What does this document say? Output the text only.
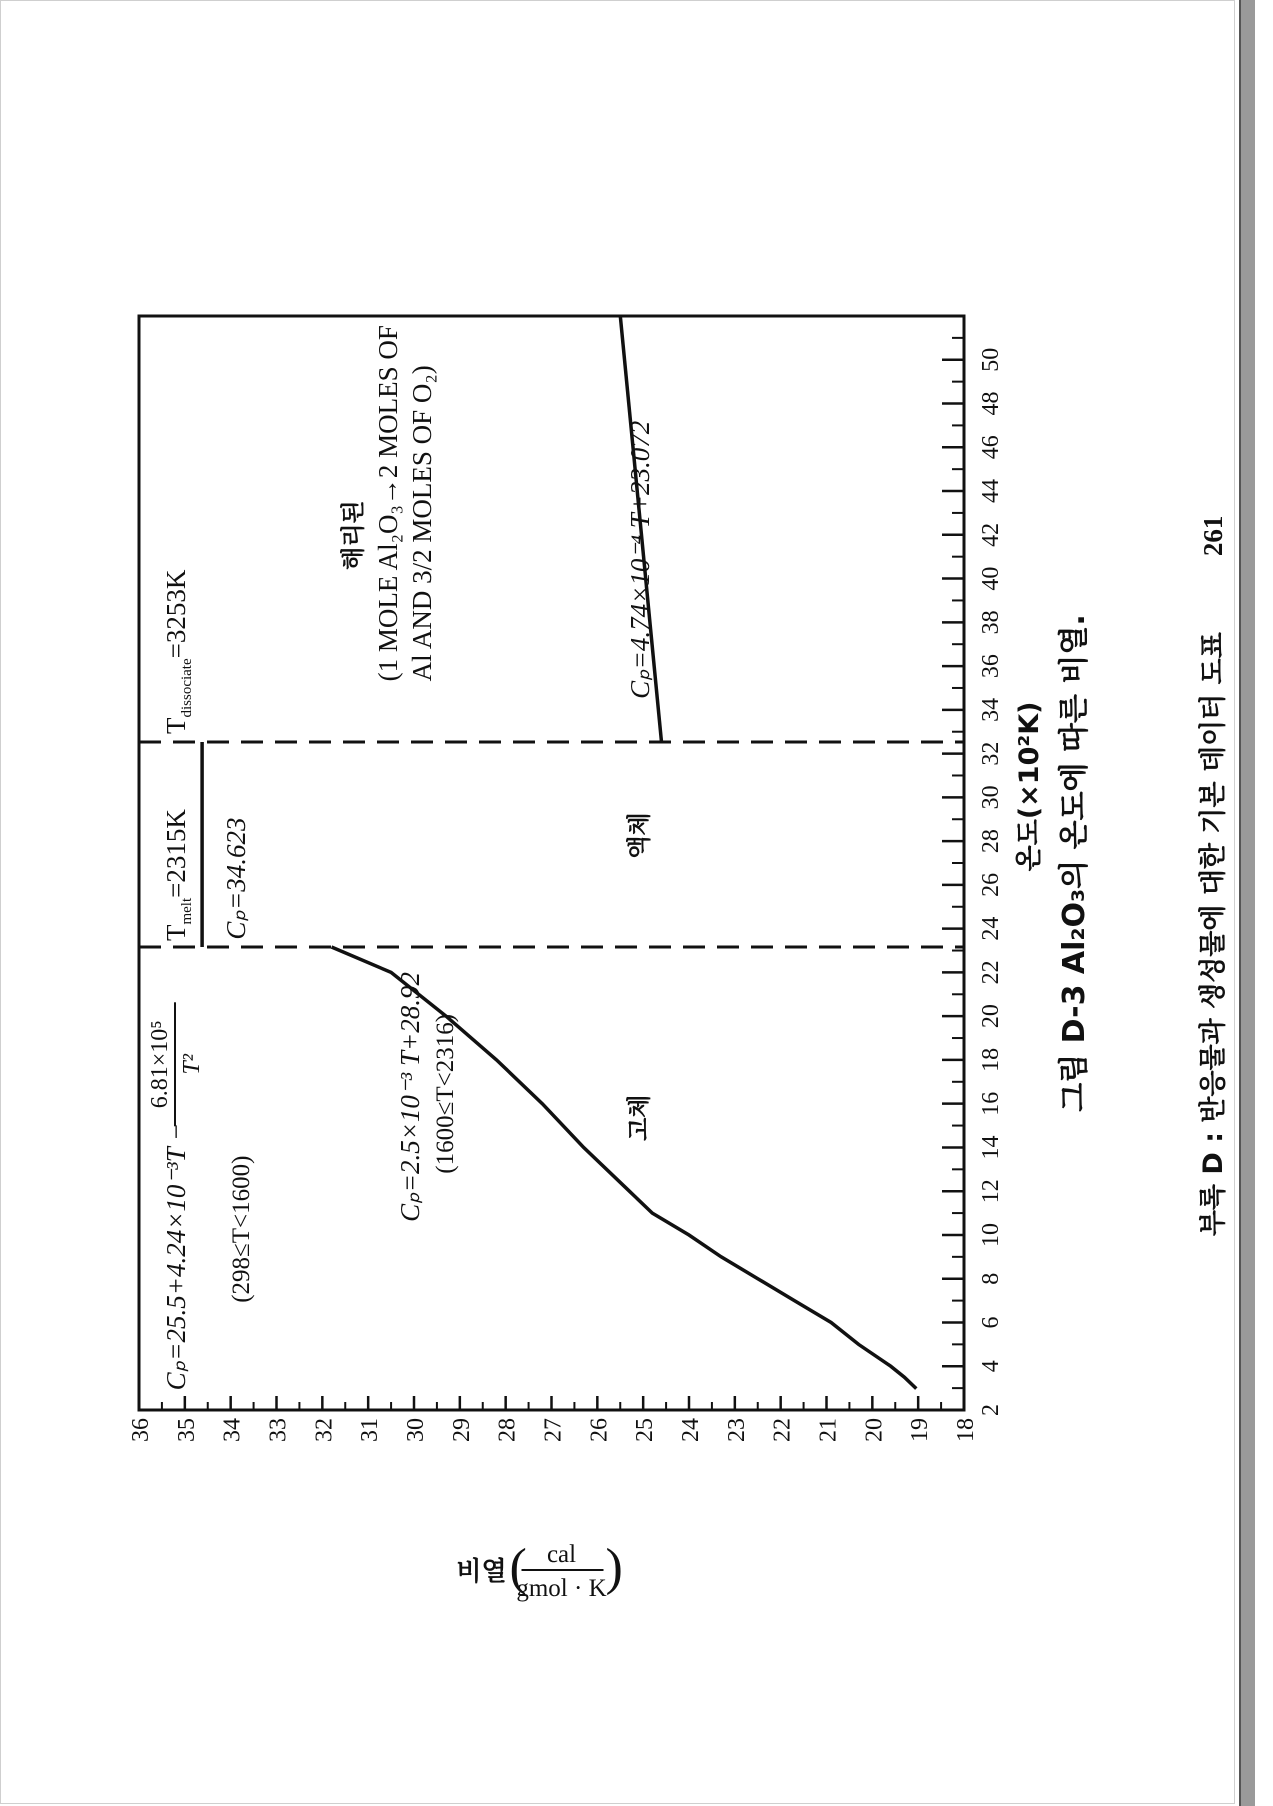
2
4
6
8
10
12
14
16
18
20
22
24
26
28
30
32
34
36
38
40
42
44
46
48
50
18
19
20
21
22
23
24
25
26
27
28
29
30
31
32
33
34
35
36
$T_{melt}=2315K$
$T_{dissociate}=3253K$
Cₚ=25.5+4.24×10⁻³T −
6.81×10⁵ T²
(298≤T<1600)
Cₚ=2.5×10⁻³ T+28.92 (1600≤T<2316)
Cₚ=34.623
Cₚ=4.74×10⁻⁴ T+23.072
고체
액체
해리된 (1 MOLE Al₂O₃→2 MOLES OF Al AND 3/2 MOLES OF O₂)
온도(×10²K) 그림 D-3 Al₂O₃의 온도에 따른 비열.
비열 ( cal
gmol · K
)
부록 D : 반응물과 생성물에 대한 기본 데이터 도표
261
